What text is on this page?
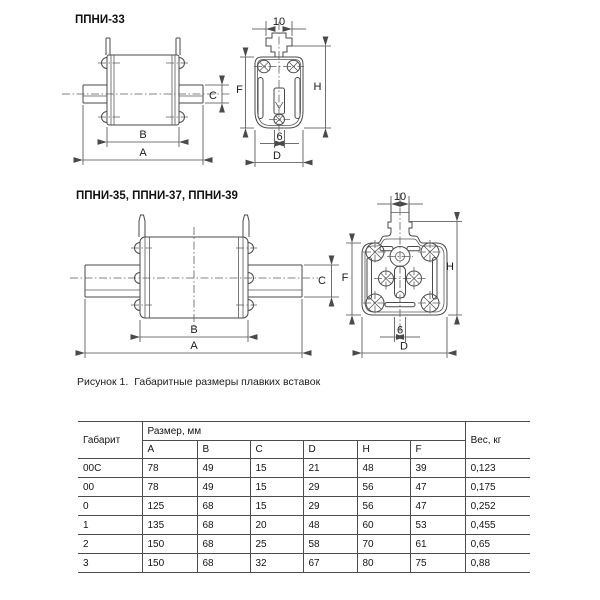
ППНИ-33
C
B
A
10
F	H
6
D
ППНИ-35, ППНИ-37, ППНИ-39
C
B
A
10
F
H
6
D
Рисунок 1. Габаритные размеры плавких вставок
Габарит	Размер, мм						Вес, кг
	A	B	C	D	H	F	
00C	78	49	15	21	48	39	0,123
00	78	49	15	29	56	47	0,175
0	125	68	15	29	56	47	0,252
1	135	68	20	48	60	53	0,455
2	150	68	25	58	70	61	0,65
3	150	68	32	67	80	75	0,88
